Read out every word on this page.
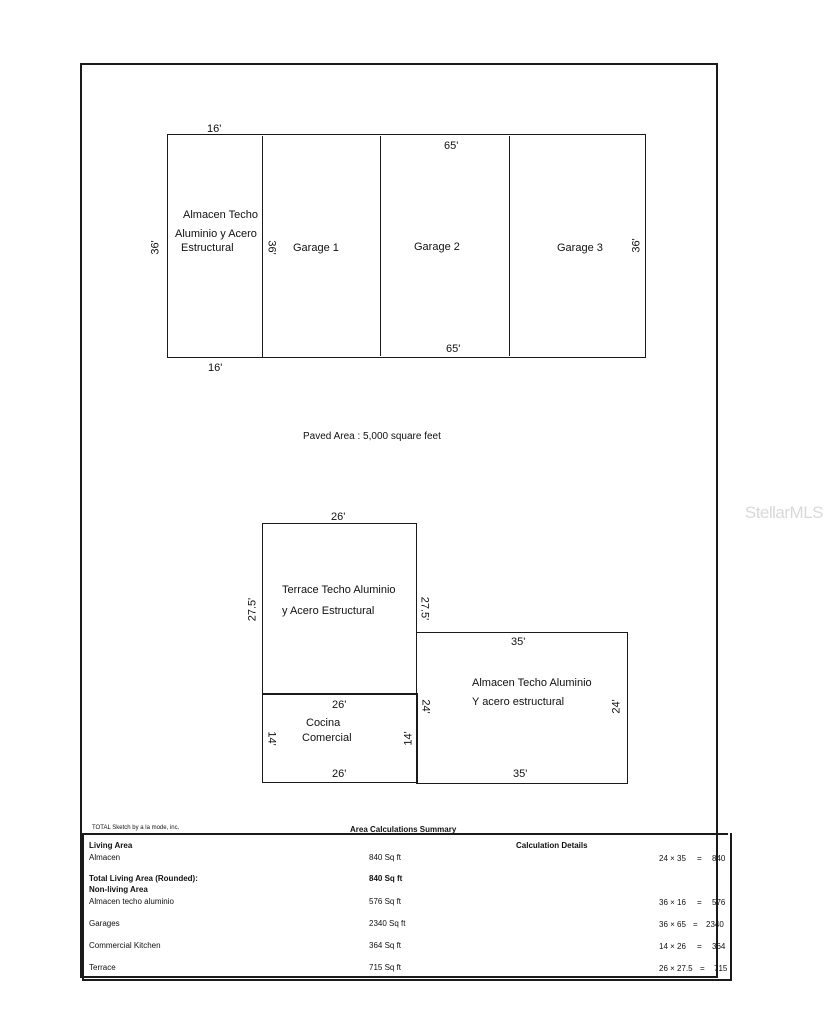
16'
16'
65'
65'
36'	36'	36'
Almacen Techo
Aluminio y Acero
Estructural	Garage 1	Garage 2	Garage 3
Paved Area : 5,000 square feet
26'
27.5'	27.5'
Terrace Techo Aluminio
y Acero Estructural
26'
26'
14'	14'
Cocina
Comercial
35'
35'
24'	24'
Almacen Techo Aluminio
Y acero estructural
StellarMLS
TOTAL Sketch by a la mode, inc.	Area Calculations Summary
Living Area	Calculation Details
Almacen	840 Sq ft	24 × 35 = 840
Total Living Area (Rounded):	840 Sq ft
Non-living Area
Almacen techo aluminio	576 Sq ft	36 × 16 = 576
Garages	2340 Sq ft	36 × 65 = 2340
Commercial Kitchen	364 Sq ft	14 × 26 = 364
Terrace	715 Sq ft	26 × 27.5 = 715
